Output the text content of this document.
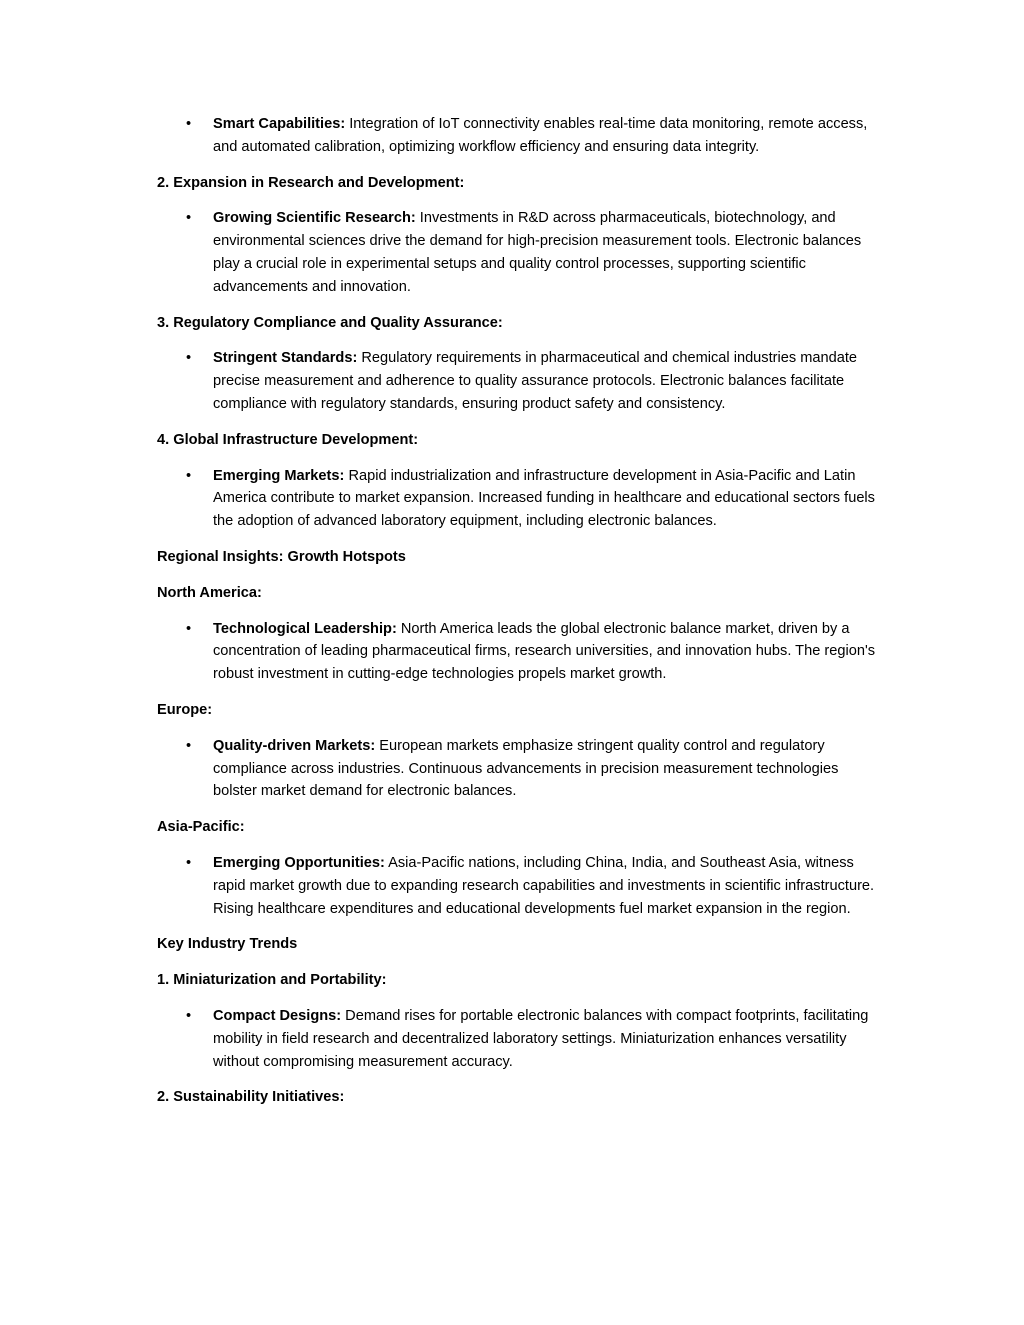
• Smart Capabilities: Integration of IoT connectivity enables real-time data monitoring, remote access, and automated calibration, optimizing workflow efficiency and ensuring data integrity.
2. Expansion in Research and Development:
• Growing Scientific Research: Investments in R&D across pharmaceuticals, biotechnology, and environmental sciences drive the demand for high-precision measurement tools. Electronic balances play a crucial role in experimental setups and quality control processes, supporting scientific advancements and innovation.
3. Regulatory Compliance and Quality Assurance:
• Stringent Standards: Regulatory requirements in pharmaceutical and chemical industries mandate precise measurement and adherence to quality assurance protocols. Electronic balances facilitate compliance with regulatory standards, ensuring product safety and consistency.
4. Global Infrastructure Development:
• Emerging Markets: Rapid industrialization and infrastructure development in Asia-Pacific and Latin America contribute to market expansion. Increased funding in healthcare and educational sectors fuels the adoption of advanced laboratory equipment, including electronic balances.
Regional Insights: Growth Hotspots
North America:
• Technological Leadership: North America leads the global electronic balance market, driven by a concentration of leading pharmaceutical firms, research universities, and innovation hubs. The region's robust investment in cutting-edge technologies propels market growth.
Europe:
• Quality-driven Markets: European markets emphasize stringent quality control and regulatory compliance across industries. Continuous advancements in precision measurement technologies bolster market demand for electronic balances.
Asia-Pacific:
• Emerging Opportunities: Asia-Pacific nations, including China, India, and Southeast Asia, witness rapid market growth due to expanding research capabilities and investments in scientific infrastructure. Rising healthcare expenditures and educational developments fuel market expansion in the region.
Key Industry Trends
1. Miniaturization and Portability:
• Compact Designs: Demand rises for portable electronic balances with compact footprints, facilitating mobility in field research and decentralized laboratory settings. Miniaturization enhances versatility without compromising measurement accuracy.
2. Sustainability Initiatives:
